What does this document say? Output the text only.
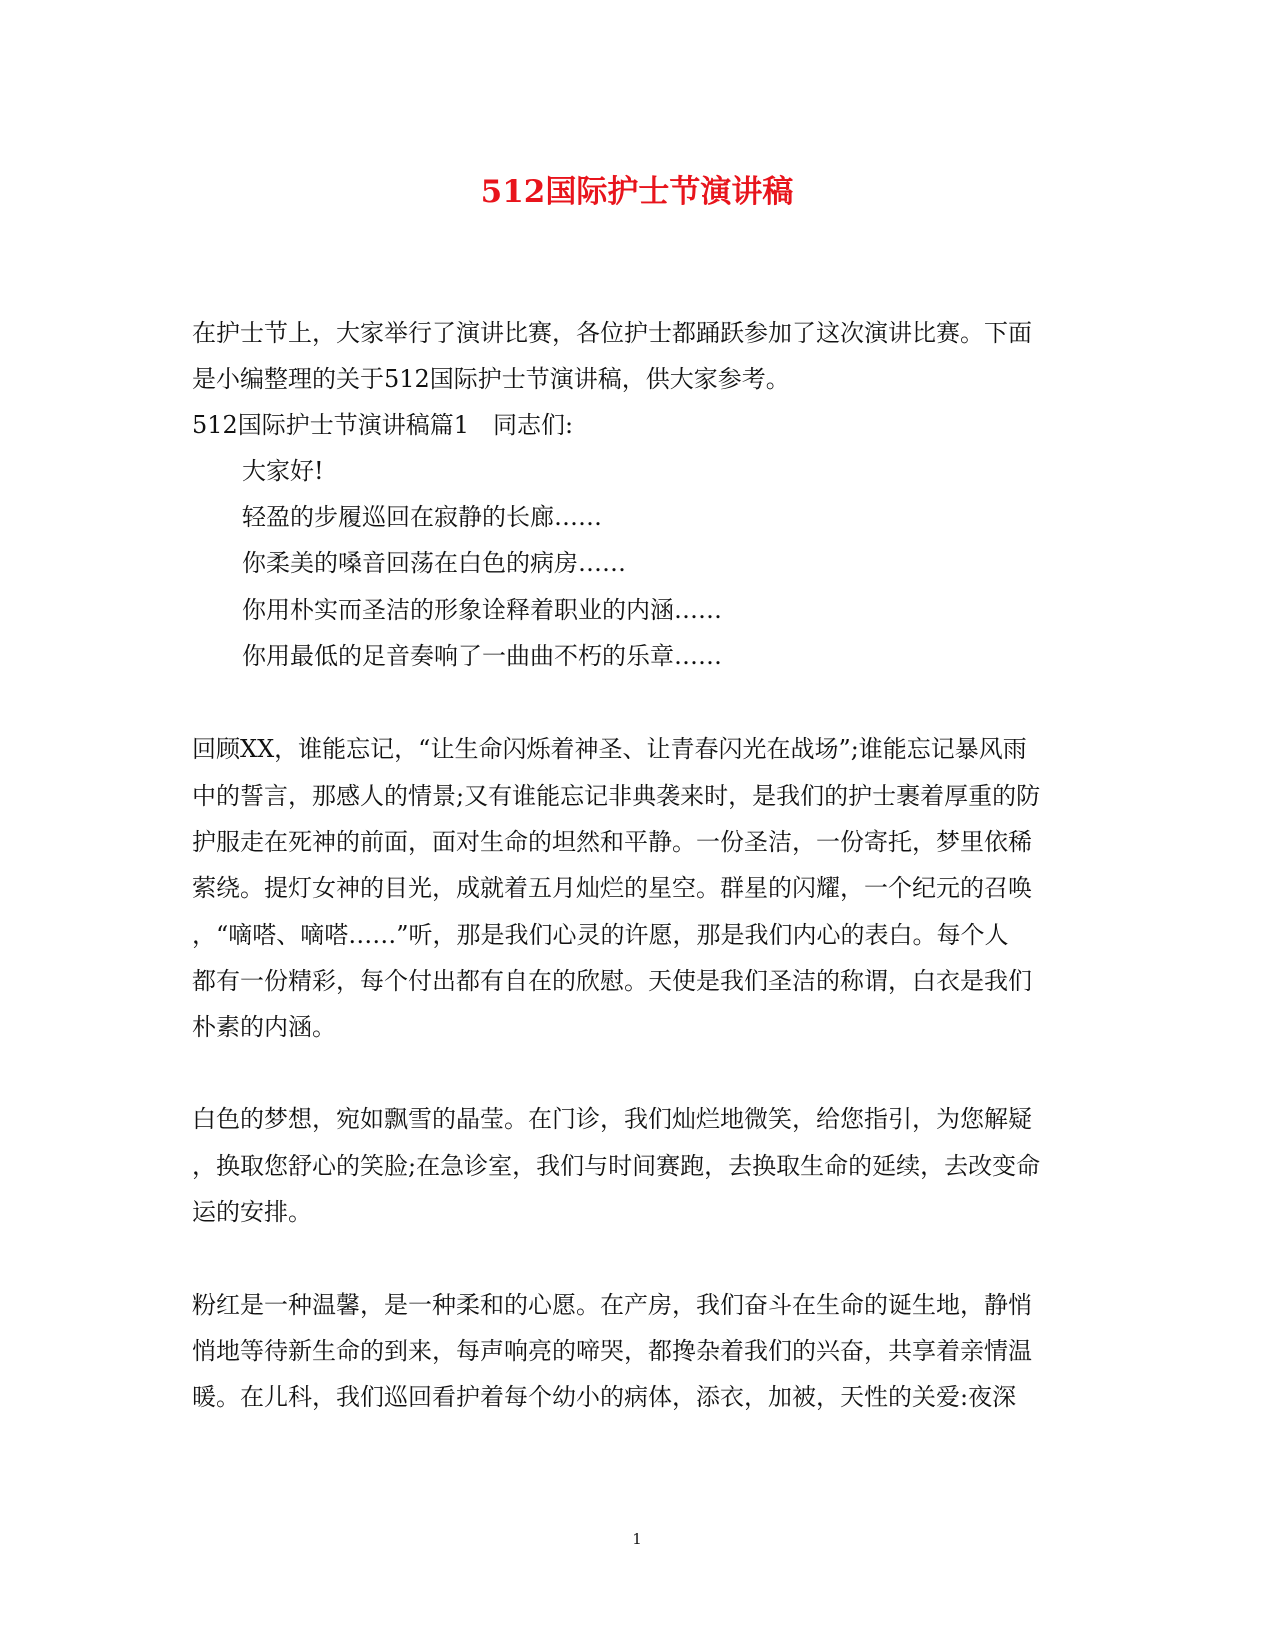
512国际护士节演讲稿
在护士节上，大家举行了演讲比赛，各位护士都踊跃参加了这次演讲比赛。下面
是小编整理的关于512国际护士节演讲稿，供大家参考。
512国际护士节演讲稿篇1 同志们:
大家好!
轻盈的步履巡回在寂静的长廊……
你柔美的嗓音回荡在白色的病房……
你用朴实而圣洁的形象诠释着职业的内涵……
你用最低的足音奏响了一曲曲不朽的乐章……
回顾XX，谁能忘记，“让生命闪烁着神圣、让青春闪光在战场”;谁能忘记暴风雨
中的誓言，那感人的情景;又有谁能忘记非典袭来时，是我们的护士裹着厚重的防
护服走在死神的前面，面对生命的坦然和平静。一份圣洁，一份寄托，梦里依稀
萦绕。提灯女神的目光，成就着五月灿烂的星空。群星的闪耀，一个纪元的召唤
，“嘀嗒、嘀嗒……”听，那是我们心灵的许愿，那是我们内心的表白。每个人
都有一份精彩，每个付出都有自在的欣慰。天使是我们圣洁的称谓，白衣是我们
朴素的内涵。
白色的梦想，宛如飘雪的晶莹。在门诊，我们灿烂地微笑，给您指引，为您解疑
，换取您舒心的笑脸;在急诊室，我们与时间赛跑，去换取生命的延续，去改变命
运的安排。
粉红是一种温馨，是一种柔和的心愿。在产房，我们奋斗在生命的诞生地，静悄
悄地等待新生命的到来，每声响亮的啼哭，都搀杂着我们的兴奋，共享着亲情温
暖。在儿科，我们巡回看护着每个幼小的病体，添衣，加被，天性的关爱:夜深
1
